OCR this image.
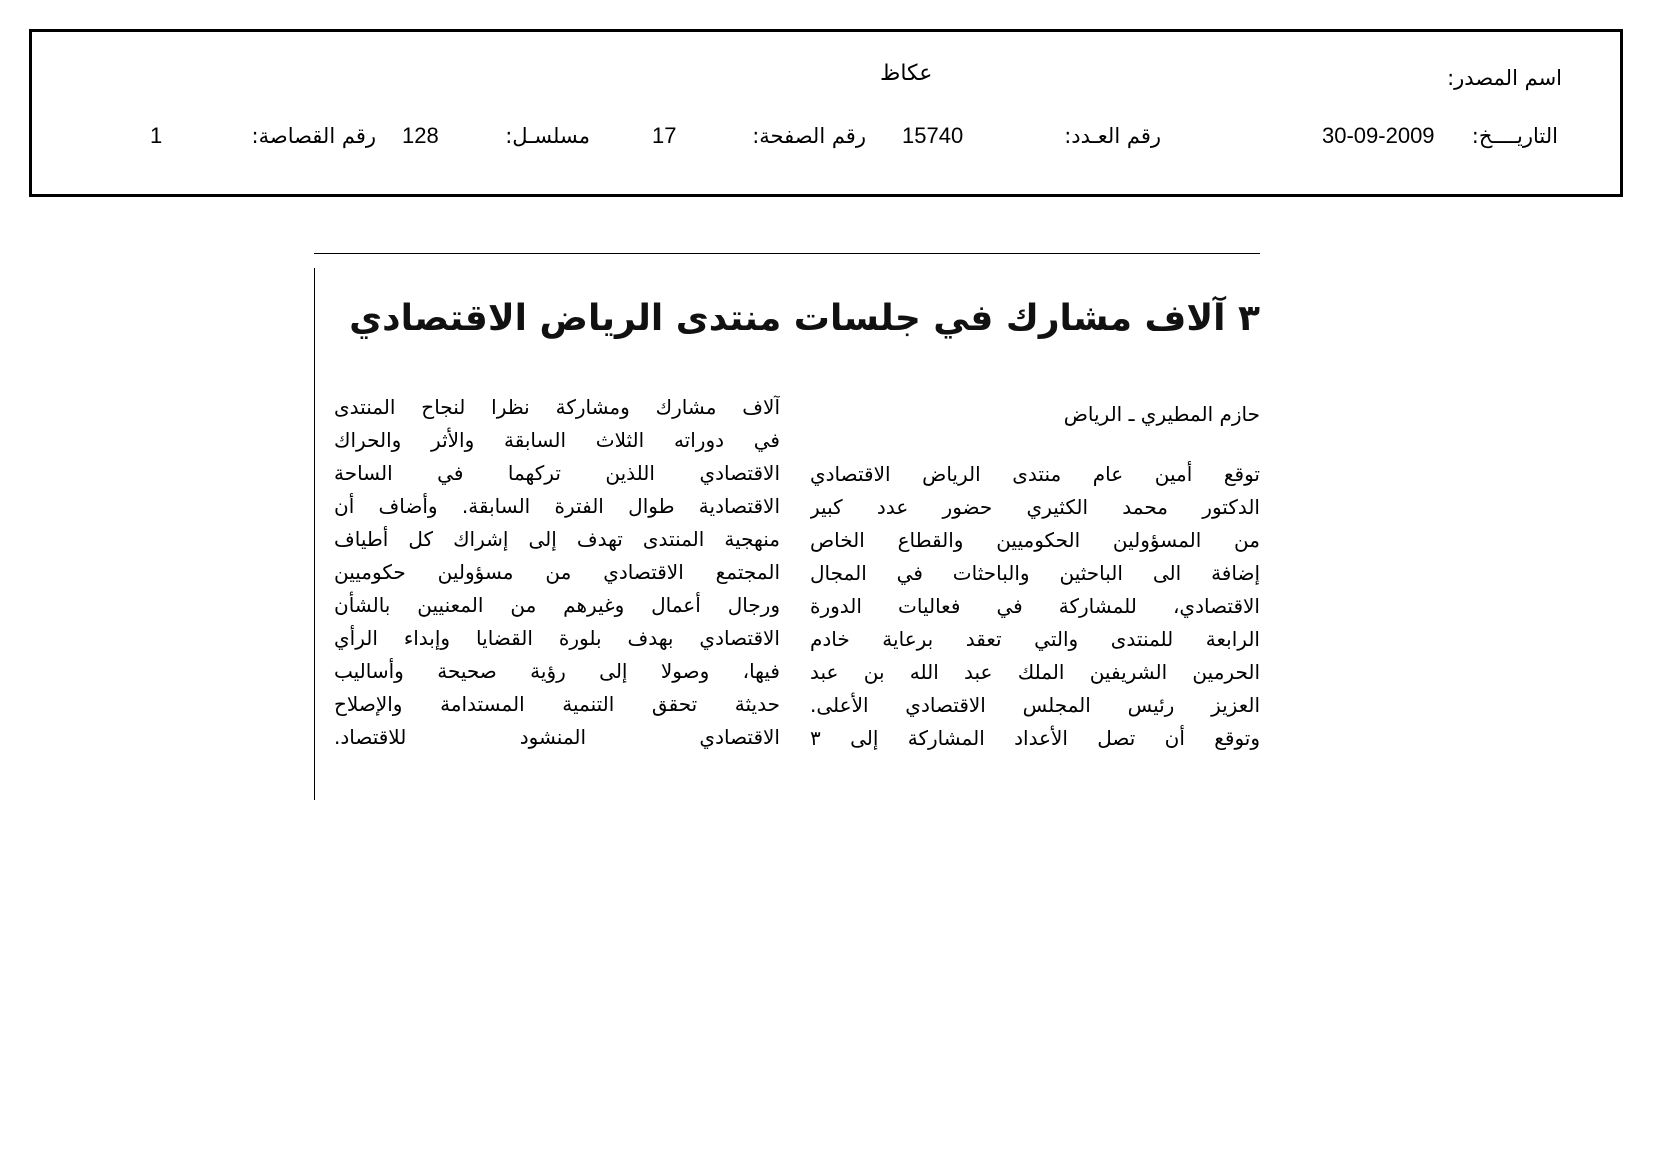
اسم المصدر:
عكاظ
التاريــــخ:
30-09-2009
رقم العـدد:
15740
رقم الصفحة:
17
مسلسـل:
128
رقم القصاصة:
1
٣ آلاف مشارك في جلسات منتدى الرياض الاقتصادي
حازم المطيري ـ الرياض
توقع أمين عام منتدى الرياض الاقتصادي
الدكتور محمد الكثيري حضور عدد كبير
من المسؤولين الحكوميين والقطاع الخاص
إضافة الى الباحثين والباحثات في المجال
الاقتصادي، للمشاركة في فعاليات الدورة
الرابعة للمنتدى والتي تعقد برعاية خادم
الحرمين الشريفين الملك عبد الله بن عبد
العزيز رئيس المجلس الاقتصادي الأعلى.
وتوقع أن تصل الأعداد المشاركة إلى ٣
آلاف مشارك ومشاركة نظرا لنجاح المنتدى
في دوراته الثلاث السابقة والأثر والحراك
الاقتصادي اللذين تركهما في الساحة
الاقتصادية طوال الفترة السابقة. وأضاف أن
منهجية المنتدى تهدف إلى إشراك كل أطياف
المجتمع الاقتصادي من مسؤولين حكوميين
ورجال أعمال وغيرهم من المعنيين بالشأن
الاقتصادي بهدف بلورة القضايا وإبداء الرأي
فيها، وصولا إلى رؤية صحيحة وأساليب
حديثة تحقق التنمية المستدامة والإصلاح
الاقتصادي المنشود للاقتصاد.
